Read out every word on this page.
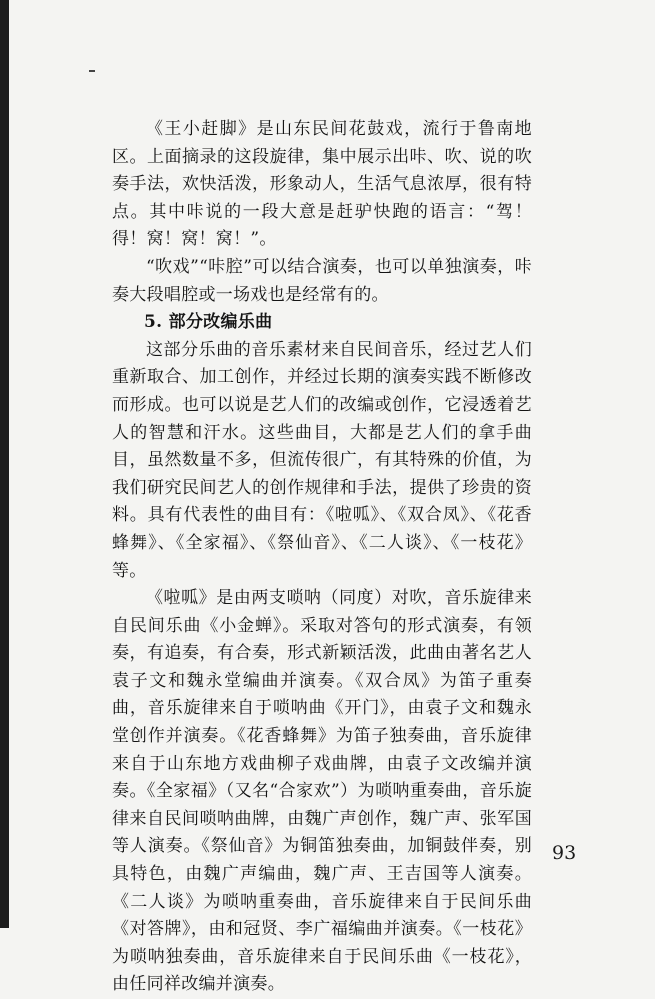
《王小赶脚》是山东民间花鼓戏，流行于鲁南地区。上面摘录的这段旋律，集中展示出咔、吹、说的吹奏手法，欢快活泼，形象动人，生活气息浓厚，很有特点。其中咔说的一段大意是赶驴快跑的语言：“驾！得！窝！窝！窝！”。

“吹戏”“咔腔”可以结合演奏，也可以单独演奏，咔奏大段唱腔或一场戏也是经常有的。

5. 部分改编乐曲

这部分乐曲的音乐素材来自民间音乐，经过艺人们重新取合、加工创作，并经过长期的演奏实践不断修改而形成。也可以说是艺人们的改编或创作，它浸透着艺人的智慧和汗水。这些曲目，大都是艺人们的拿手曲目，虽然数量不多，但流传很广，有其特殊的价值，为我们研究民间艺人的创作规律和手法，提供了珍贵的资料。具有代表性的曲目有：《啦呱》、《双合凤》、《花香蜂舞》、《全家福》、《祭仙音》、《二人谈》、《一枝花》等。

《啦呱》是由两支唢呐（同度）对吹，音乐旋律来自民间乐曲《小金蝉》。采取对答句的形式演奏，有领奏，有追奏，有合奏，形式新颖活泼，此曲由著名艺人袁子文和魏永堂编曲并演奏。《双合凤》为笛子重奏曲，音乐旋律来自于唢呐曲《开门》，由袁子文和魏永堂创作并演奏。《花香蜂舞》为笛子独奏曲，音乐旋律来自于山东地方戏曲柳子戏曲牌，由袁子文改编并演奏。《全家福》（又名“合家欢”）为唢呐重奏曲，音乐旋律来自民间唢呐曲牌，由魏广声创作，魏广声、张军国等人演奏。《祭仙音》为铜笛独奏曲，加铜鼓伴奏，别具特色，由魏广声编曲，魏广声、王吉国等人演奏。《二人谈》为唢呐重奏曲，音乐旋律来自于民间乐曲《对答牌》，由和冠贤、李广福编曲并演奏。《一枝花》为唢呐独奏曲，音乐旋律来自于民间乐曲《一枝花》，由任同祥改编并演奏。

93
